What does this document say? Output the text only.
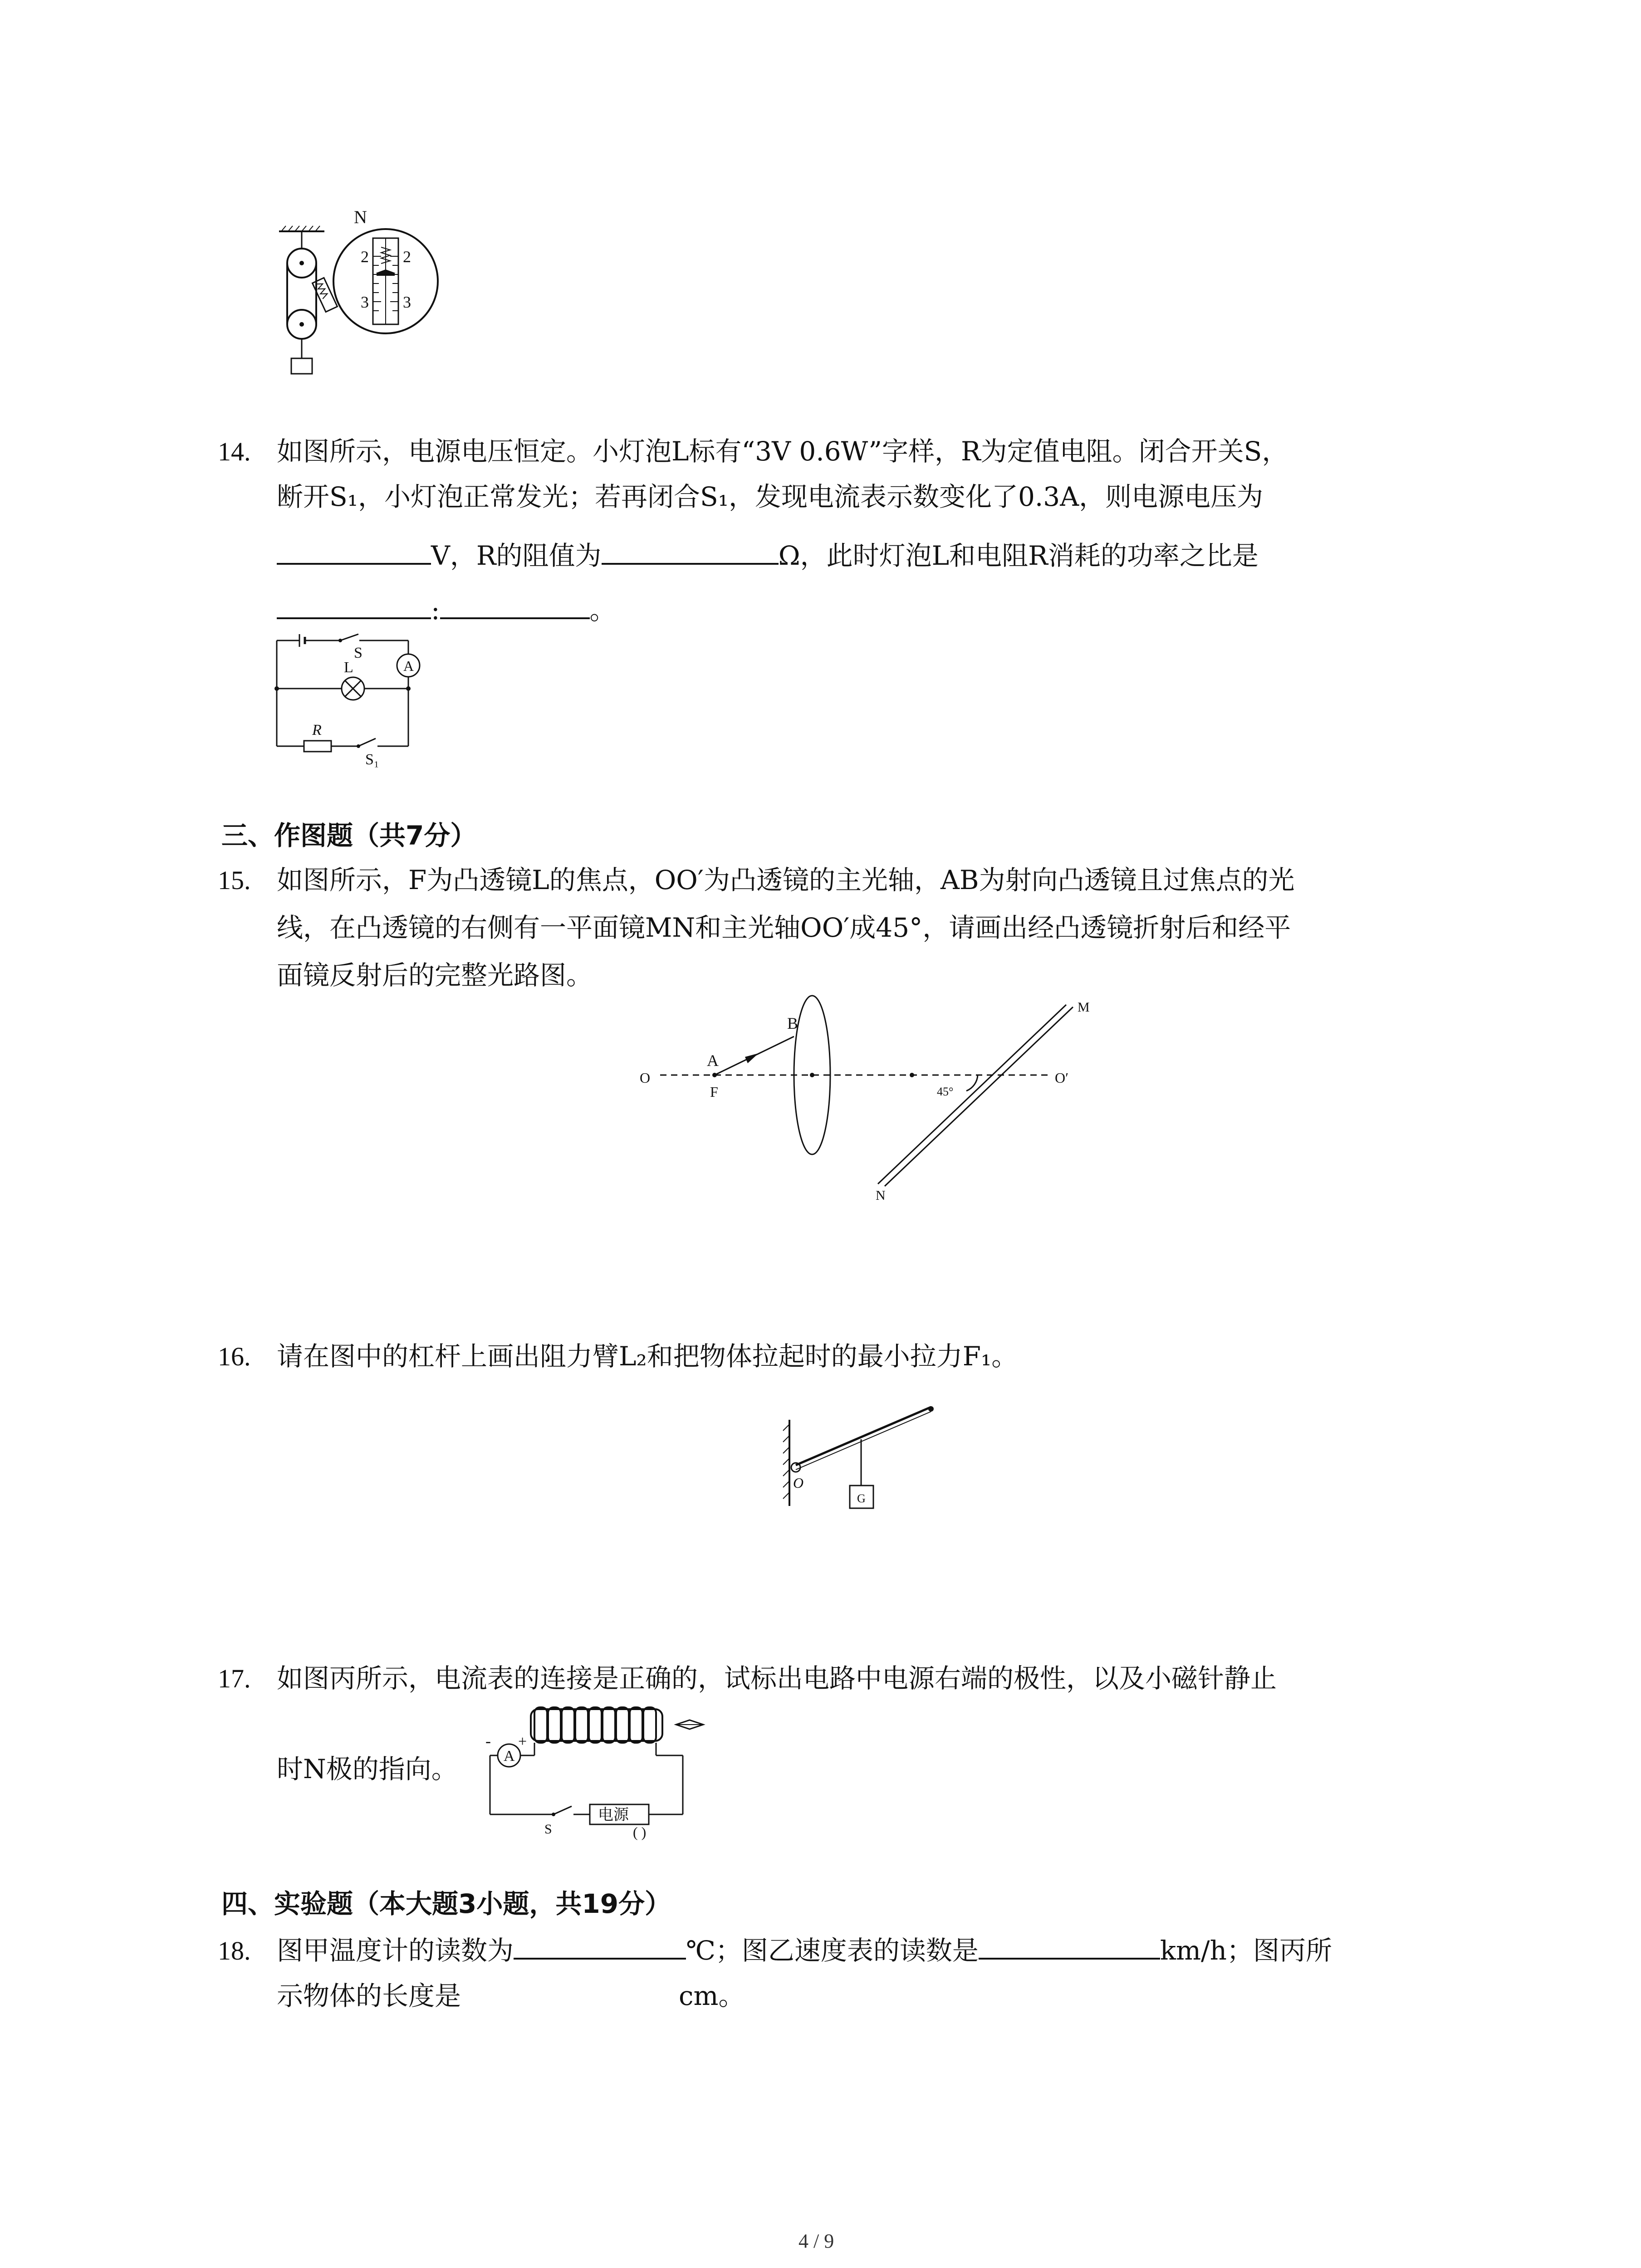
N
2 2
3 3
14. 如图所示，电源电压恒定。小灯泡L标有“3V 0.6W”字样，R为定值电阻。闭合开关S，
断开S₁，小灯泡正常发光；若再闭合S₁，发现电流表示数变化了0.3A，则电源电压为
V，R的阻值为	Ω，此时灯泡L和电阻R消耗的功率之比是
:	。
S
L	A
R
S₁
三、作图题（共7分）
15. 如图所示，F为凸透镜L的焦点，OO′为凸透镜的主光轴，AB为射向凸透镜且过焦点的光
线，在凸透镜的右侧有一平面镜MN和主光轴OO′成45°，请画出经凸透镜折射后和经平
面镜反射后的完整光路图。
O
F
A
B
M
N
O′
45°
16. 请在图中的杠杆上画出阻力臂L₂和把物体拉起时的最小拉力F₁。
O
G
17. 如图丙所示，电流表的连接是正确的，试标出电路中电源右端的极性，以及小磁针静止
时N极的指向。
-
A
+
S
电源
( )
四、实验题（本大题3小题，共19分）
18. 图甲温度计的读数为	℃；图乙速度表的读数是	km/h；图丙所
示物体的长度是	cm。
4 / 9
